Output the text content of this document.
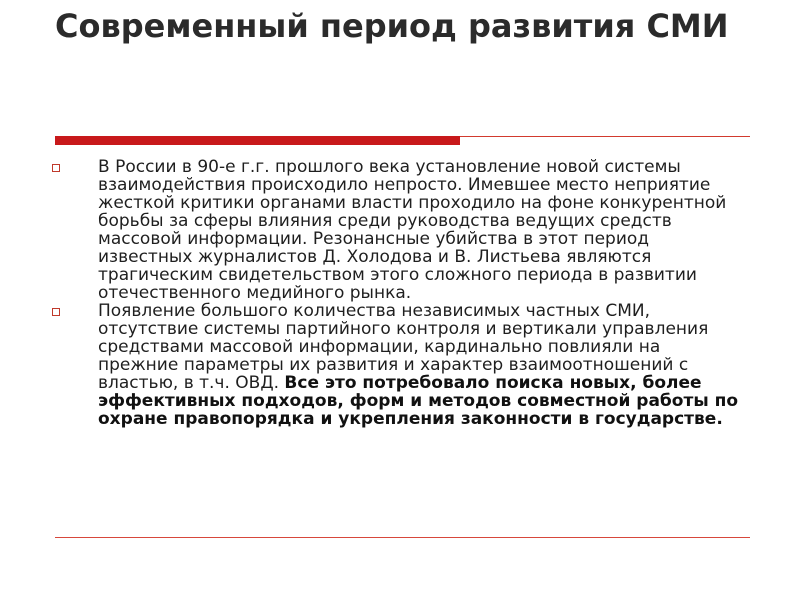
Современный период развития СМИ
В России в 90-е г.г. прошлого века установление новой системы взаимодействия происходило непросто. Имевшее место неприятие жесткой критики органами власти проходило на фоне конкурентной борьбы за сферы влияния среди руководства ведущих средств массовой информации. Резонансные убийства в этот период известных журналистов Д. Холодова и В. Листьева являются трагическим свидетельством этого сложного периода в развитии отечественного медийного рынка.
Появление большого количества независимых частных СМИ, отсутствие системы партийного контроля и вертикали управления средствами массовой информации, кардинально повлияли на прежние параметры их развития и характер взаимоотношений с властью, в т.ч. ОВД. Все это потребовало поиска новых, более эффективных подходов, форм и методов совместной работы по охране правопорядка и укрепления законности в государстве.
